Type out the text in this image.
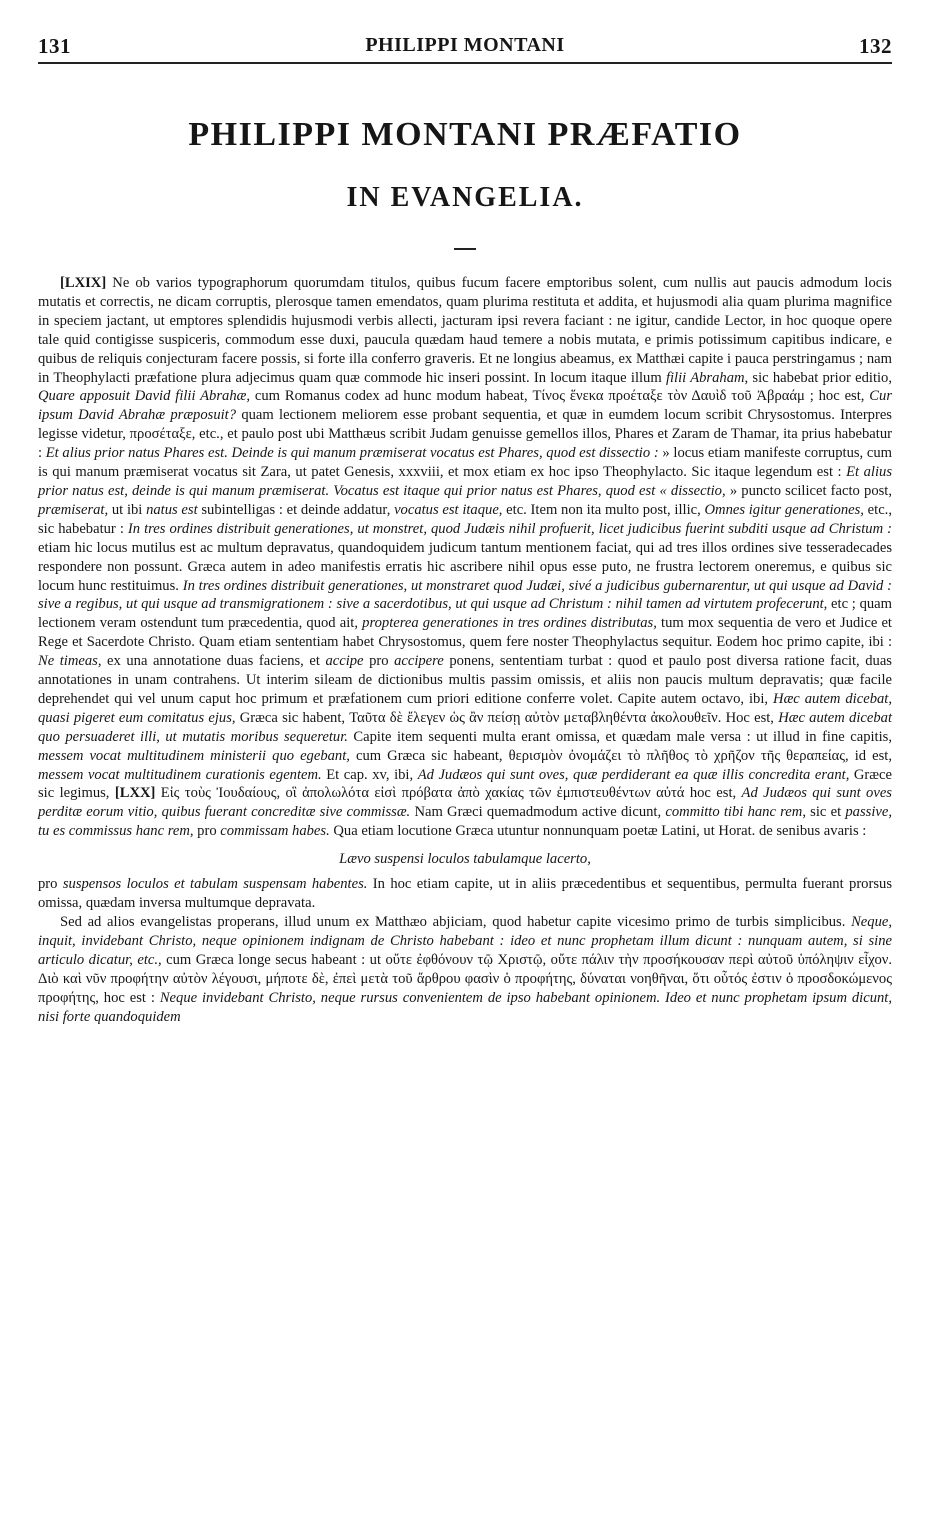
131	PHILIPPI MONTANI	132
PHILIPPI MONTANI PRÆFATIO
IN EVANGELIA.

[LXIX] Ne ob varios typographorum quorumdam titulos, quibus fucum facere emptoribus solent, cum nullis aut paucis admodum locis mutatis et correctis, ne dicam corruptis, plerosque tamen emendatos, quam plurima restituta et addita, et hujusmodi alia quam plurima magnifice in speciem jactant, ut emptores splendidis hujusmodi verbis allecti, jacturam ipsi revera faciant : ne igitur, candide Lector, in hoc quoque opere tale quid contigisse suspiceris, commodum esse duxi, paucula quædam haud temere a nobis mutata, e primis potissimum capitibus indicare, e quibus de reliquis conjecturam facere possis, si forte illa conferro graveris. Et ne longius abeamus, ex Matthæi capite i pauca perstringamus ; nam in Theophylacti præfatione plura adjecimus quam quæ commode hic inseri possint. In locum itaque illum filii Abraham, sic habebat prior editio, Quare apposuit David filii Abrahæ, cum Romanus codex ad hunc modum habeat, Τίνος ἕνεκα προέταξε τὸν Δαυὶδ τοῦ Ἀβραάμ ; hoc est, Cur ipsum David Abrahæ præposuit? quam lectionem meliorem esse probant sequentia, et quæ in eumdem locum scribit Chrysostomus. Interpres legisse videtur, προσέταξε, etc., et paulo post ubi Matthæus scribit Judam genuisse gemellos illos, Phares et Zaram de Thamar, ita prius habebatur : Et alius prior natus Phares est. Deinde is qui manum præmiserat vocatus est Phares, quod est dissectio : » locus etiam manifeste corruptus, cum is qui manum præmiserat vocatus sit Zara, ut patet Genesis, xxxviii, et mox etiam ex hoc ipso Theophylacto. Sic itaque legendum est : Et alius prior natus est, deinde is qui manum præmiserat. Vocatus est itaque qui prior natus est Phares, quod est « dissectio, » puncto scilicet facto post, præmiserat, ut ibi natus est subintelligas : et deinde addatur, vocatus est itaque, etc. Item non ita multo post, illic, Omnes igitur generationes, etc., sic habebatur : In tres ordines distribuit generationes, ut monstret, quod Judæis nihil profuerit, licet judicibus fuerint subditi usque ad Christum : etiam hic locus mutilus est ac multum depravatus, quandoquidem judicum tantum mentionem faciat, qui ad tres illos ordines sive tesseradecades respondere non possunt. Græca autem in adeo manifestis erratis hic ascribere nihil opus esse puto, ne frustra lectorem oneremus, e quibus sic locum hunc restituimus. In tres ordines distribuit generationes, ut monstraret quod Judæi, sivé a judicibus gubernarentur, ut qui usque ad David : sive a regibus, ut qui usque ad transmigrationem : sive a sacerdotibus, ut qui usque ad Christum : nihil tamen ad virtutem profecerunt, etc ; quam lectionem veram ostendunt tum præcedentia, quod ait, propterea generationes in tres ordines distributas, tum mox sequentia de vero et Judice et Rege et Sacerdote Christo. Quam etiam sententiam habet Chrysostomus, quem fere noster Theophylactus sequitur. Eodem hoc primo capite, ibi : Ne timeas, ex una annotatione duas faciens, et accipe pro accipere ponens, sententiam turbat : quod et paulo post diversa ratione facit, duas annotationes in unam contrahens. Ut interim sileam de dictionibus multis passim omissis, et aliis non paucis multum depravatis; quæ facile deprehendet qui vel unum caput hoc primum et præfationem cum priori editione conferre volet. Capite autem octavo, ibi, Hæc autem dicebat, quasi pigeret eum comitatus ejus, Græca sic habent, Ταῦτα δὲ ἔλεγεν ὡς ἂν πείσῃ αὐτὸν μεταβληθέντα ἀκολουθεῖν. Hoc est, Hæc autem dicebat quo persuaderet illi, ut mutatis moribus sequeretur. Capite item sequenti multa erant omissa, et quædam male versa : ut illud in fine capitis, messem vocat multitudinem ministerii quo egebant, cum Græca sic habeant, θερισμὸν ὀνομάζει τὸ πλῆθος τὸ χρῆζον τῆς θεραπείας, id est, messem vocat multitudinem curationis egentem. Et cap. xv, ibi, Ad Judæos qui sunt oves, quæ perdiderant ea quæ illis concredita erant, Græce sic legimus, [LXX] Εἰς τοὺς Ἰουδαίους, οἳ ἀπολωλότα εἰσὶ πρόβατα ἀπὸ χακίας τῶν ἐμπιστευθέντων αὐτά hoc est, Ad Judæos qui sunt oves perditæ eorum vitio, quibus fuerant concreditæ sive commissæ. Nam Græci quemadmodum active dicunt, committo tibi hanc rem, sic et passive, tu es commissus hanc rem, pro commissam habes. Qua etiam locutione Græca utuntur nonnunquam poetæ Latini, ut Horat. de senibus avaris :

Lævo suspensi loculos tabulamque lacerto,

pro suspensos loculos et tabulam suspensam habentes. In hoc etiam capite, ut in aliis præcedentibus et sequentibus, permulta fuerant prorsus omissa, quædam inversa multumque depravata.

Sed ad alios evangelistas properans, illud unum ex Matthæo abjiciam, quod habetur capite vicesimo primo de turbis simplicibus. Neque, inquit, invidebant Christo, neque opinionem indignam de Christo habebant : ideo et nunc prophetam illum dicunt : nunquam autem, si sine articulo dicatur, etc., cum Græca longe secus habeant : ut οὔτε ἐφθόνουν τῷ Χριστῷ, οὔτε πάλιν τὴν προσήκουσαν περὶ αὐτοῦ ὑπόληψιν εἶχον. Διὸ καὶ νῦν προφήτην αὐτὸν λέγουσι, μήποτε δὲ, ἐπεὶ μετὰ τοῦ ἄρθρου φασὶν ὁ προφήτης, δύναται νοηθῆναι, ὅτι οὗτός ἐστιν ὁ προσδοκώμενος προφήτης, hoc est : Neque invidebant Christo, neque rursus convenientem de ipso habebant opinionem. Ideo et nunc prophetam ipsum dicunt, nisi forte quandoquidem
